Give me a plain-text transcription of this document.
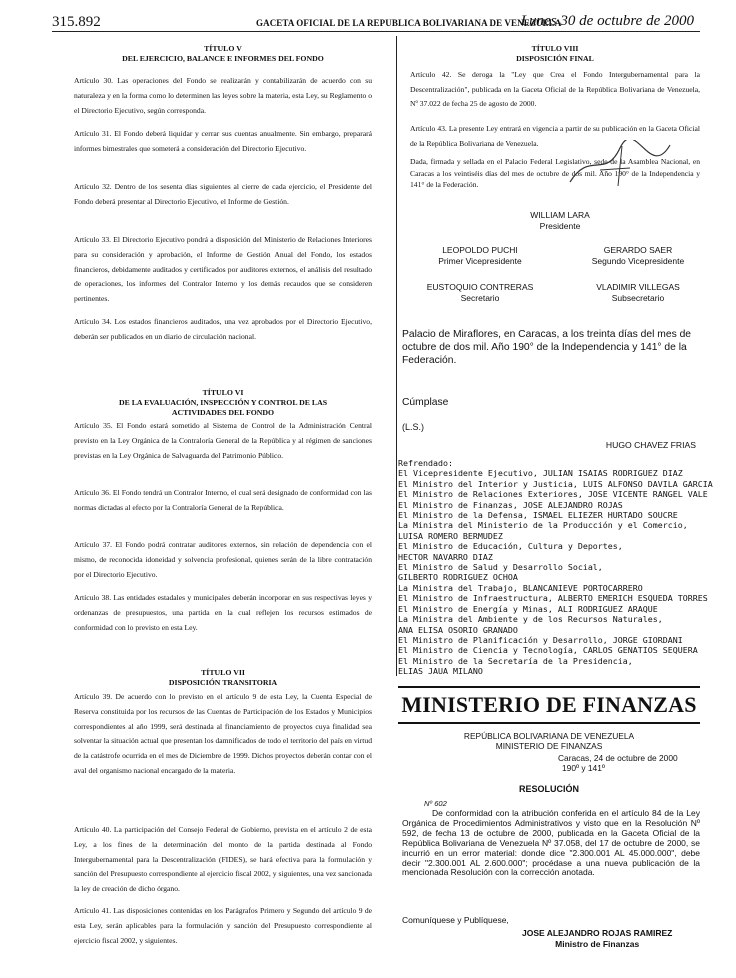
315.892	GACETA OFICIAL DE LA REPUBLICA BOLIVARIANA DE VENEZUELA
Lunes 30 de octubre de 2000

TÍTULO V

DEL EJERCICIO, BALANCE E INFORMES DEL FONDO

Artículo 30. Las operaciones del Fondo se realizarán y contabilizarán de acuerdo con su naturaleza y en la forma como lo determinen las leyes sobre la materia, esta Ley, su Reglamento o el Directorio Ejecutivo, según corresponda.

Artículo 31. El Fondo deberá liquidar y cerrar sus cuentas anualmente. Sin embargo, preparará informes bimestrales que someterá a consideración del Directorio Ejecutivo.

Artículo 32. Dentro de los sesenta días siguientes al cierre de cada ejercicio, el Presidente del Fondo deberá presentar al Directorio Ejecutivo, el Informe de Gestión.

Artículo 33. El Directorio Ejecutivo pondrá a disposición del Ministerio de Relaciones Interiores para su consideración y aprobación, el Informe de Gestión Anual del Fondo, los estados financieros, debidamente auditados y certificados por auditores externos, el análisis del resultado de operaciones, los informes del Contralor Interno y los demás recaudos que se consideren pertinentes.

Artículo 34. Los estados financieros auditados, una vez aprobados por el Directorio Ejecutivo, deberán ser publicados en un diario de circulación nacional.

TÍTULO VI

DE LA EVALUACIÓN, INSPECCIÓN Y CONTROL DE LAS

ACTIVIDADES DEL FONDO

Artículo 35. El Fondo estará sometido al Sistema de Control de la Administración Central previsto en la Ley Orgánica de la Contraloría General de la República y al régimen de sanciones previstas en la Ley Orgánica de Salvaguarda del Patrimonio Público.

Artículo 36. El Fondo tendrá un Contralor Interno, el cual será designado de conformidad con las normas dictadas al efecto por la Contraloría General de la República.

Artículo 37. El Fondo podrá contratar auditores externos, sin relación de dependencia con el mismo, de reconocida idoneidad y solvencia profesional, quienes serán de la libre contratación por el Directorio Ejecutivo.

Artículo 38. Las entidades estadales y municipales deberán incorporar en sus respectivas leyes y ordenanzas de presupuestos, una partida en la cual reflejen los recursos estimados de conformidad con lo previsto en esta Ley.

TÍTULO VII

DISPOSICIÓN TRANSITORIA

Artículo 39. De acuerdo con lo previsto en el artículo 9 de esta Ley, la Cuenta Especial de Reserva constituida por los recursos de las Cuentas de Participación de los Estados y Municipios correspondientes al año 1999, será destinada al financiamiento de proyectos cuya finalidad sea solventar la situación actual que presentan los damnificados de todo el territorio del país en virtud de la catástrofe ocurrida en el mes de Diciembre de 1999. Dichos proyectos deberán contar con el aval del organismo nacional encargado de la materia.

Artículo 40. La participación del Consejo Federal de Gobierno, prevista en el artículo 2 de esta Ley, a los fines de la determinación del monto de la partida destinada al Fondo Intergubernamental para la Descentralización (FIDES), se hará efectiva para la formulación y sanción del Presupuesto correspondiente al ejercicio fiscal 2002, y siguientes, una vez sancionada la ley de creación de dicho órgano.

Artículo 41. Las disposiciones contenidas en los Parágrafos Primero y Segundo del artículo 9 de esta Ley, serán aplicables para la formulación y sanción del Presupuesto correspondiente al ejercicio fiscal 2002, y siguientes.

TÍTULO VIII

DISPOSICIÓN FINAL

Artículo 42. Se deroga la "Ley que Crea el Fondo Intergubernamental para la Descentralización", publicada en la Gaceta Oficial de la República Bolivariana de Venezuela, Nº 37.022 de fecha 25 de agosto de 2000.

Artículo 43. La presente Ley entrará en vigencia a partir de su publicación en la Gaceta Oficial de la República Bolivariana de Venezuela.

Dada, firmada y sellada en el Palacio Federal Legislativo, sede de la Asamblea Nacional, en Caracas a los veintiséis días del mes de octubre de dos mil. Año 190° de la Independencia y 141° de la Federación.

WILLIAM LARA
Presidente
LEOPOLDO PUCHI
Primer Vicepresidente
GERARDO SAER
Segundo Vicepresidente
EUSTOQUIO CONTRERAS
Secretario
VLADIMIR VILLEGAS
Subsecretario

Palacio de Miraflores, en Caracas, a los treinta días del mes de octubre de dos mil. Año 190° de la Independencia y 141° de la Federación.

Cúmplase
(L.S.)
HUGO CHAVEZ FRIAS
Refrendado:
El Vicepresidente Ejecutivo, JULIAN ISAIAS RODRIGUEZ DIAZ
El Ministro del Interior y Justicia, LUIS ALFONSO DAVILA GARCIA
El Ministro de Relaciones Exteriores, JOSE VICENTE RANGEL VALE
El Ministro de Finanzas, JOSE ALEJANDRO ROJAS
El Ministro de la Defensa, ISMAEL ELIEZER HURTADO SOUCRE
La Ministra del Ministerio de la Producción y el Comercio,
LUISA ROMERO BERMUDEZ
El Ministro de Educación, Cultura y Deportes,
HECTOR NAVARRO DIAZ
El Ministro de Salud y Desarrollo Social,
GILBERTO RODRIGUEZ OCHOA
La Ministra del Trabajo, BLANCANIEVE PORTOCARRERO
El Ministro de Infraestructura, ALBERTO EMERICH ESQUEDA TORRES
El Ministro de Energía y Minas, ALI RODRIGUEZ ARAQUE
La Ministra del Ambiente y de los Recursos Naturales,
ANA ELISA OSORIO GRANADO
El Ministro de Planificación y Desarrollo, JORGE GIORDANI
El Ministro de Ciencia y Tecnología, CARLOS GENATIOS SEQUERA
El Ministro de la Secretaría de la Presidencia,
ELIAS JAUA MILANO
MINISTERIO DE FINANZAS
REPÚBLICA BOLIVARIANA DE VENEZUELA
MINISTERIO DE FINANZAS
Caracas, 24 de octubre de 2000
190º y 141º
RESOLUCIÓN
Nº 602

De conformidad con la atribución conferida en el artículo 84 de la Ley Orgánica de Procedimientos Administrativos y visto que en la Resolución Nº 592, de fecha 13 de octubre de 2000, publicada en la Gaceta Oficial de la República Bolivariana de Venezuela Nº 37.058, del 17 de octubre de 2000, se incurrió en un error material: donde dice "2.300.001 AL 45.000.000", debe decir "2.300.001 AL 2.600.000"; procédase a una nueva publicación de la mencionada Resolución con la corrección anotada.

Comuníquese y Publíquese,
JOSE ALEJANDRO ROJAS RAMIREZ
Ministro de Finanzas
